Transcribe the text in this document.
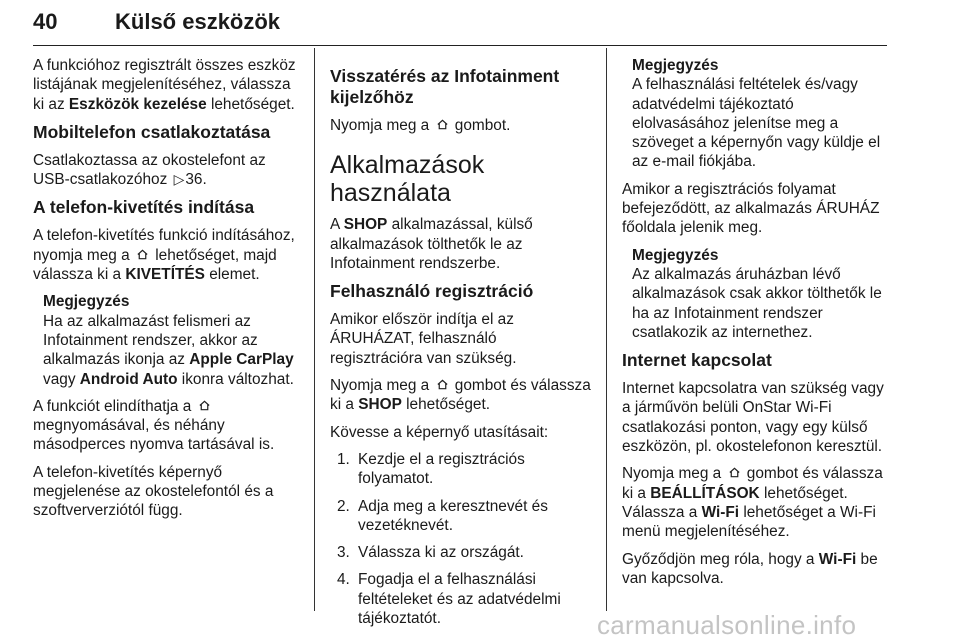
40	Külső eszközök

A funkcióhoz regisztrált összes eszköz listájának megjelenítéséhez, válassza ki az Eszközök kezelése lehetőséget.

Mobiltelefon csatlakoztatása

Csatlakoztassa az okostelefont az USB-csatlakozóhoz ▷36.

A telefon-kivetítés indítása

A telefon-kivetítés funkció indításához, nyomja meg a  lehetőséget, majd válassza ki a KIVETÍTÉS elemet.

Megjegyzés
Ha az alkalmazást felismeri az Infotainment rendszer, akkor az alkalmazás ikonja az Apple CarPlay vagy Android Auto ikonra változhat.

A funkciót elindíthatja a  megnyomásával, és néhány másodperces nyomva tartásával is.

A telefon-kivetítés képernyő megjelenése az okostelefontól és a szoftververziótól függ.

Visszatérés az Infotainment kijelzőhöz

Nyomja meg a  gombot.

Alkalmazások használata

A SHOP alkalmazással, külső alkalmazások tölthetők le az Infotainment rendszerbe.

Felhasználó regisztráció

Amikor először indítja el az ÁRUHÁZAT, felhasználó regisztrációra van szükség.

Nyomja meg a  gombot és válassza ki a SHOP lehetőséget.

Kövesse a képernyő utasításait:

1. Kezdje el a regisztrációs folyamatot.
2. Adja meg a keresztnevét és vezetéknevét.
3. Válassza ki az országát.
4. Fogadja el a felhasználási feltételeket és az adatvédelmi tájékoztatót.
Megjegyzés
A felhasználási feltételek és/vagy adatvédelmi tájékoztató elolvasásához jelenítse meg a szöveget a képernyőn vagy küldje el az e-mail fiókjába.

Amikor a regisztrációs folyamat befejeződött, az alkalmazás ÁRUHÁZ főoldala jelenik meg.

Megjegyzés
Az alkalmazás áruházban lévő alkalmazások csak akkor tölthetők le ha az Infotainment rendszer csatlakozik az internethez.
Internet kapcsolat

Internet kapcsolatra van szükség vagy a járművön belüli OnStar Wi-Fi csatlakozási ponton, vagy egy külső eszközön, pl. okostelefonon keresztül.

Nyomja meg a  gombot és válassza ki a BEÁLLÍTÁSOK lehetőséget. Válassza a Wi-Fi lehetőséget a Wi-Fi menü megjelenítéséhez.

Győződjön meg róla, hogy a Wi-Fi be van kapcsolva.

carmanualsonline.info
